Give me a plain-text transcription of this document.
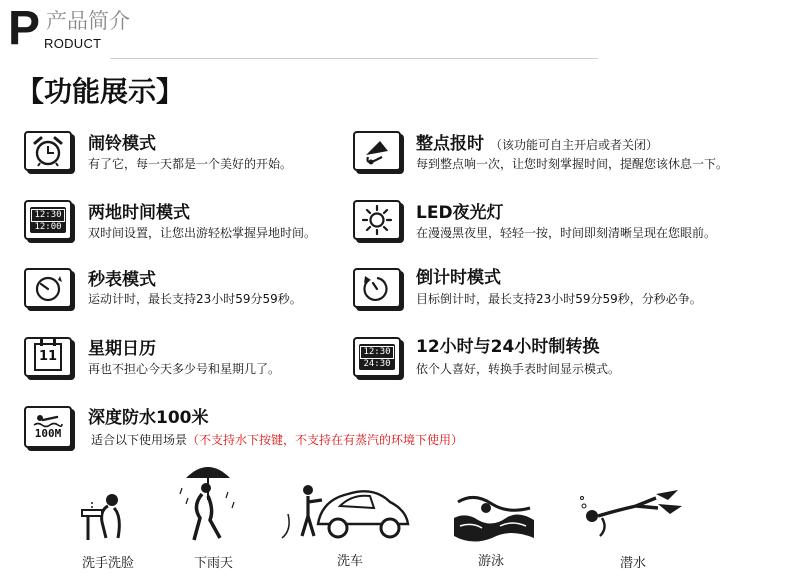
P 产品简介
RODUCT
【功能展示】
闹铃模式
有了它，每一天都是一个美好的开始。
整点报时 （该功能可自主开启或者关闭）
每到整点响一次，让您时刻掌握时间，提醒您该休息一下。
12:30
12:00
两地时间模式
双时间设置，让您出游轻松掌握异地时间。
LED夜光灯
在漫漫黑夜里，轻轻一按，时间即刻清晰呈现在您眼前。
秒表模式
运动计时，最长支持23小时59分59秒。
倒计时模式
目标倒计时，最长支持23小时59分59秒，分秒必争。
11 星期日历
再也不担心今天多少号和星期几了。
12:30
24:30
12小时与24小时制转换
依个人喜好，转换手表时间显示模式。
100M
深度防水100米
适合以下使用场景（不支持水下按键，不支持在有蒸汽的环境下使用）
洗手洗脸	下雨天	洗车	游泳	潜水
